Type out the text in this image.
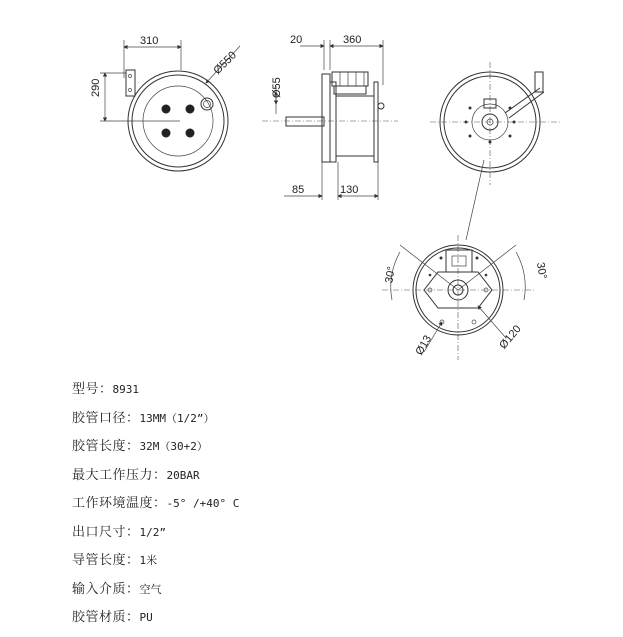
310
Ø550
290
20	360
Ø55
85	130
30°	30°
Ø13	Ø120
型号：8931
胶管口径：13MM（1/2”）
胶管长度：32M（30+2）
最大工作压力：20BAR
工作环境温度：-5° /+40° C
出口尺寸：1/2”
导管长度：1米
输入介质：空气
胶管材质：PU
